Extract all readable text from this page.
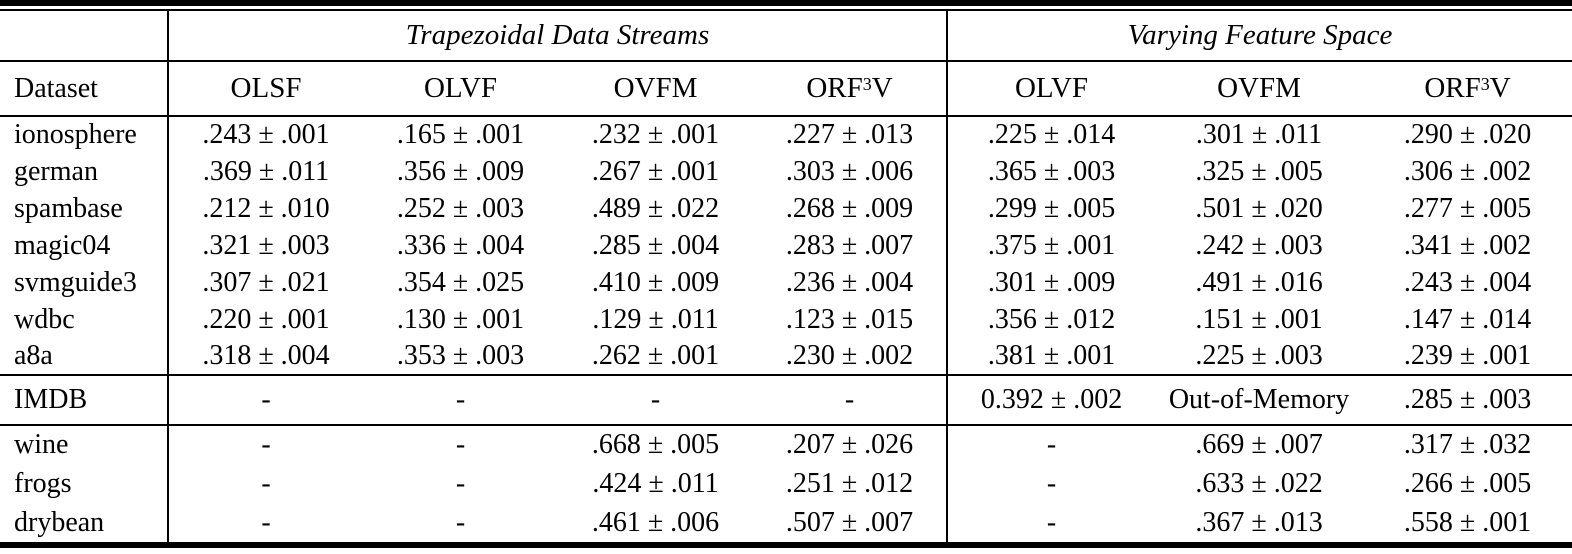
	Trapezoidal Data Streams				Varying Feature Space		
Dataset	OLSF	OLVF	OVFM	ORF$^3$V	OLVF	OVFM	ORF$^3$V
ionosphere	.243 ± .001	.165 ± .001	.232 ± .001	.227 ± .013	.225 ± .014	.301 ± .011	.290 ± .020
german	.369 ± .011	.356 ± .009	.267 ± .001	.303 ± .006	.365 ± .003	.325 ± .005	.306 ± .002
spambase	.212 ± .010	.252 ± .003	.489 ± .022	.268 ± .009	.299 ± .005	.501 ± .020	.277 ± .005
magic04	.321 ± .003	.336 ± .004	.285 ± .004	.283 ± .007	.375 ± .001	.242 ± .003	.341 ± .002
svmguide3	.307 ± .021	.354 ± .025	.410 ± .009	.236 ± .004	.301 ± .009	.491 ± .016	.243 ± .004
wdbc	.220 ± .001	.130 ± .001	.129 ± .011	.123 ± .015	.356 ± .012	.151 ± .001	.147 ± .014
a8a	.318 ± .004	.353 ± .003	.262 ± .001	.230 ± .002	.381 ± .001	.225 ± .003	.239 ± .001
IMDB	-	-	-	-	0.392 ± .002	Out-of-Memory	.285 ± .003
wine	-	-	.668 ± .005	.207 ± .026	-	.669 ± .007	.317 ± .032
frogs	-	-	.424 ± .011	.251 ± .012	-	.633 ± .022	.266 ± .005
drybean	-	-	.461 ± .006	.507 ± .007	-	.367 ± .013	.558 ± .001
